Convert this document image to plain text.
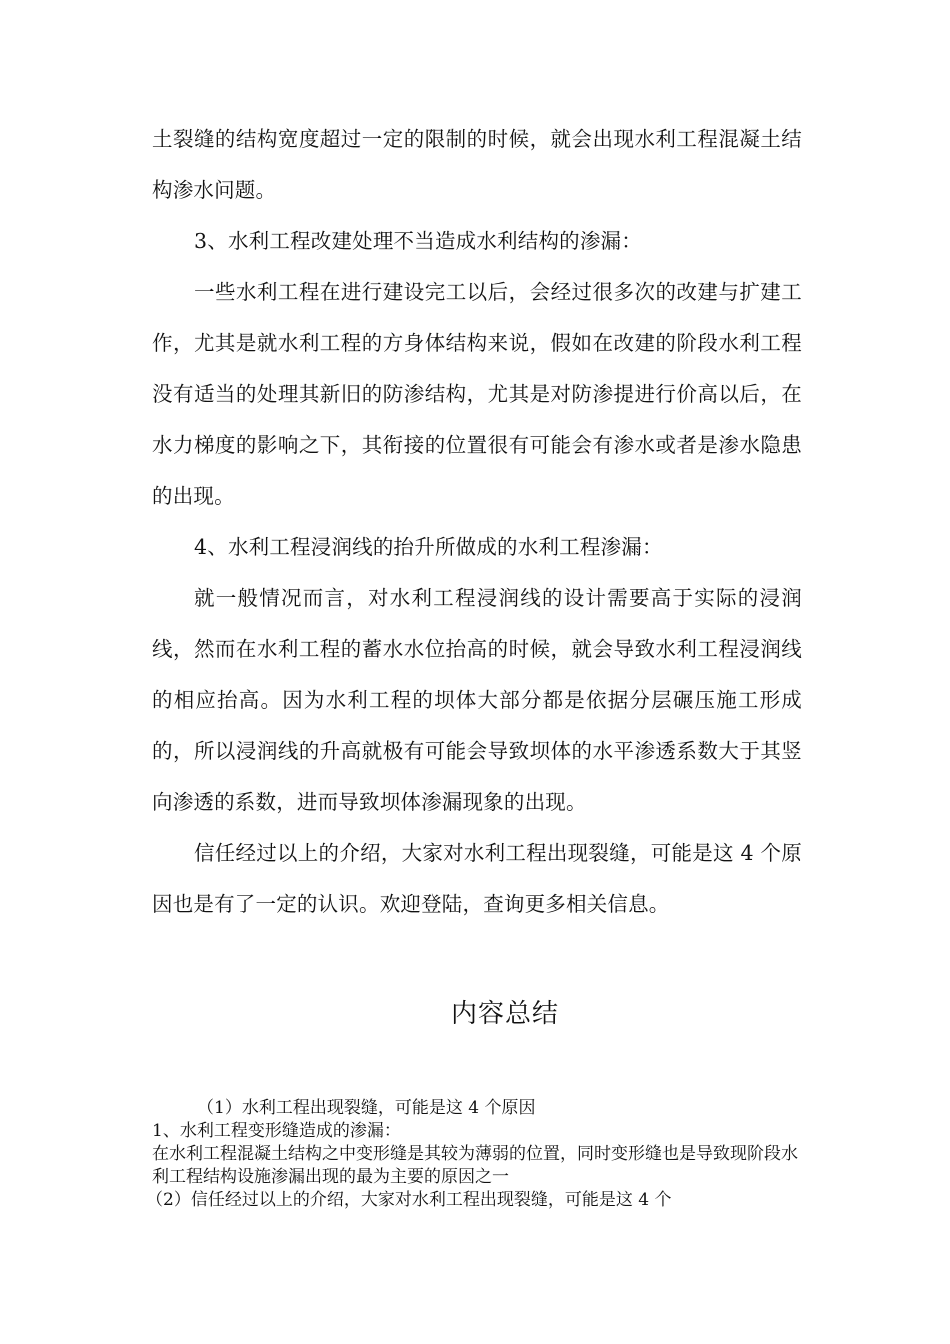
土裂缝的结构宽度超过一定的限制的时候，就会出现水利工程混凝土结构渗水问题。

3、水利工程改建处理不当造成水利结构的渗漏：

一些水利工程在进行建设完工以后，会经过很多次的改建与扩建工作，尤其是就水利工程的方身体结构来说，假如在改建的阶段水利工程没有适当的处理其新旧的防渗结构，尤其是对防渗提进行价高以后，在水力梯度的影响之下，其衔接的位置很有可能会有渗水或者是渗水隐患的出现。

4、水利工程浸润线的抬升所做成的水利工程渗漏：

就一般情况而言，对水利工程浸润线的设计需要高于实际的浸润线，然而在水利工程的蓄水水位抬高的时候，就会导致水利工程浸润线的相应抬高。因为水利工程的坝体大部分都是依据分层碾压施工形成的，所以浸润线的升高就极有可能会导致坝体的水平渗透系数大于其竖向渗透的系数，进而导致坝体渗漏现象的出现。

信任经过以上的介绍，大家对水利工程出现裂缝，可能是这 4 个原因也是有了一定的认识。欢迎登陆，查询更多相关信息。

内容总结

（1）水利工程出现裂缝，可能是这 4 个原因

1、水利工程变形缝造成的渗漏：

在水利工程混凝土结构之中变形缝是其较为薄弱的位置，同时变形缝也是导致现阶段水利工程结构设施渗漏出现的最为主要的原因之一

（2）信任经过以上的介绍，大家对水利工程出现裂缝，可能是这 4 个
